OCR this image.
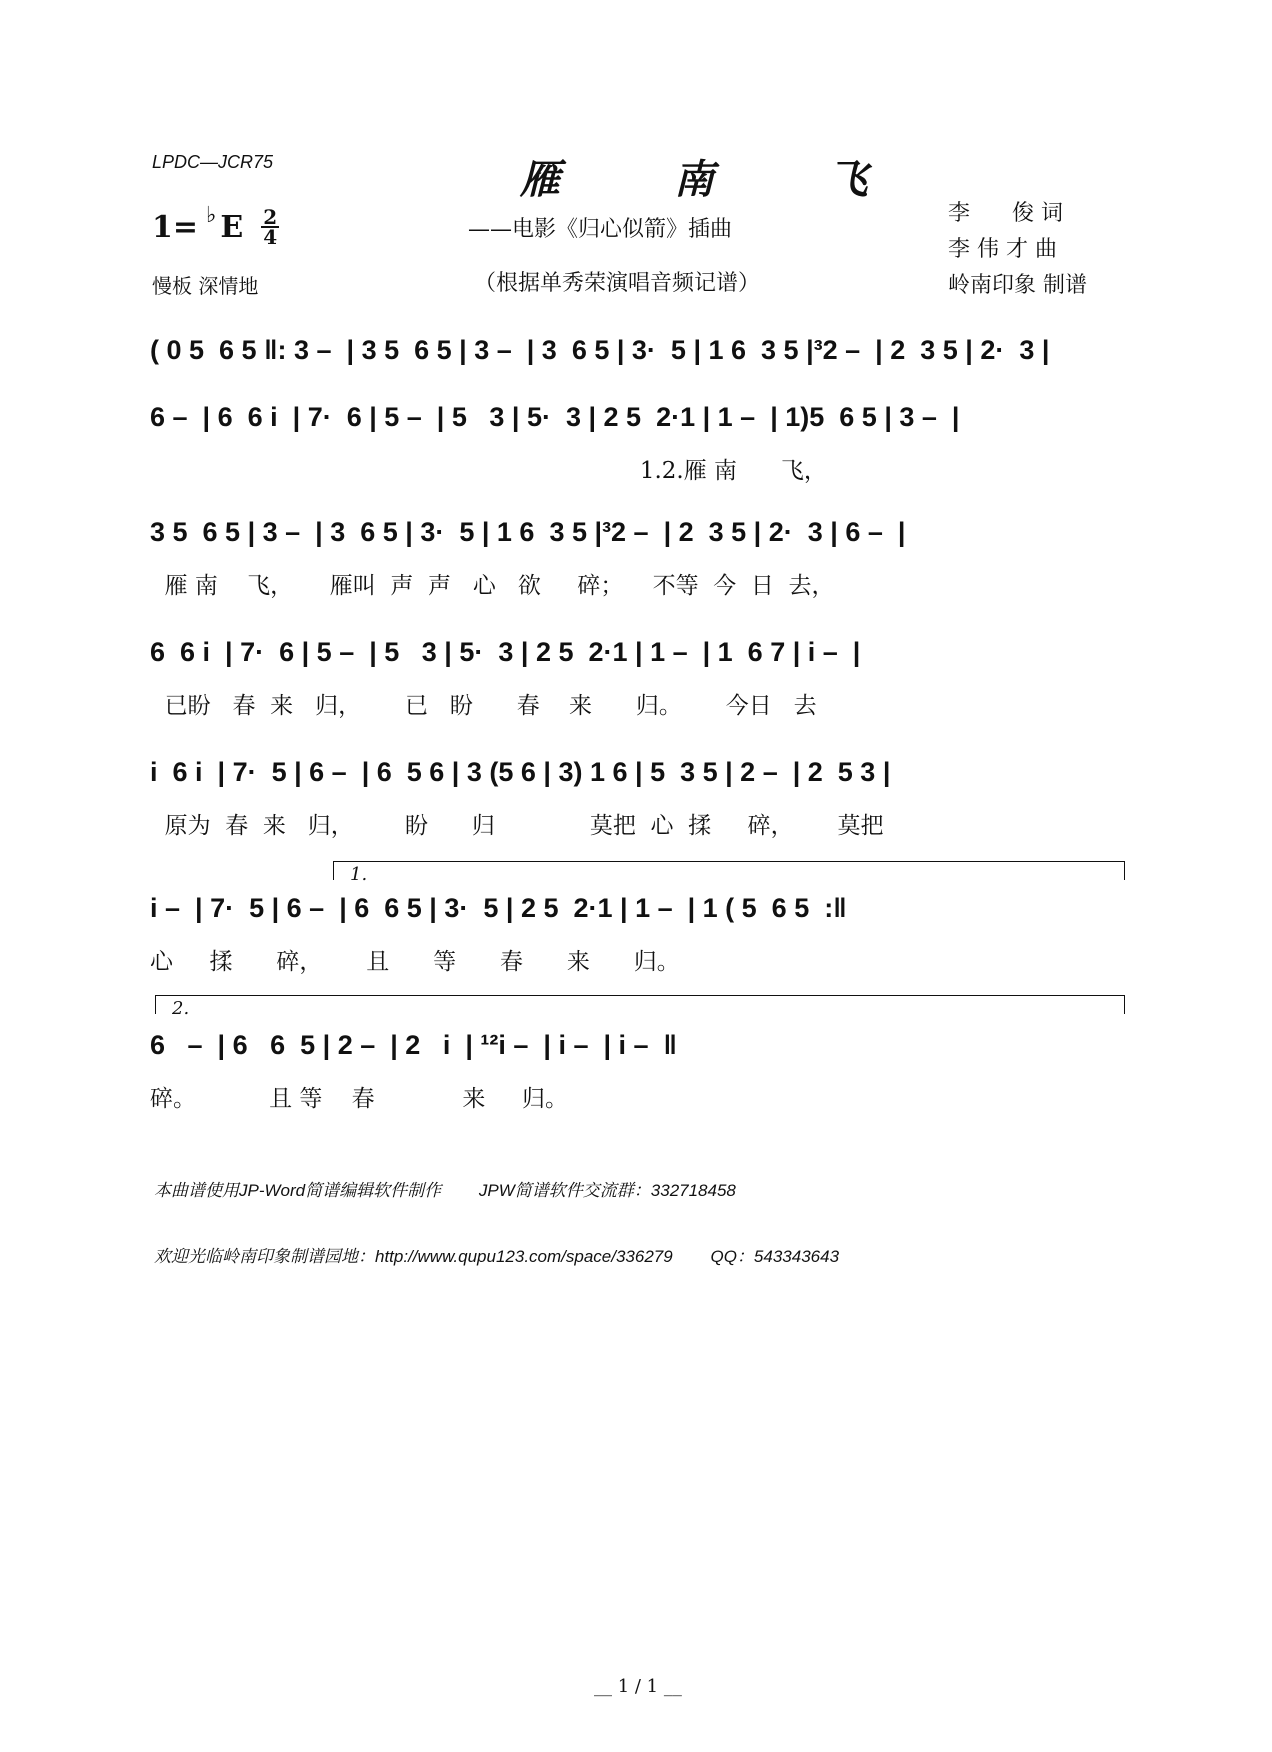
LPDC—JCR75	雁 南 飞
1= ♭ E $\frac{2}{4}$
慢板 深情地
——电影《归心似箭》插曲
（根据单秀荣演唱音频记谱）
李      俊 词
李 伟 才 曲
岭南印象 制谱
( 0 5  6 5 ‖: 3 –  | 3 5  6 5 | 3 –  | 3  6 5 | 3·  5 | 1 6  3 5 |³2 –  | 2  3 5 | 2·  3 |
6 –  | 6  6 i  | 7·  6 | 5 –  | 5   3 | 5·  3 | 2 5  2·1 | 1 –  | 1)5  6 5 | 3 –  |
1.2.雁 南      飞，
3 5  6 5 | 3 –  | 3  6 5 | 3·  5 | 1 6  3 5 |³2 –  | 2  3 5 | 2·  3 | 6 –  |
雁 南    飞，     雁叫  声  声   心   欲     碎；    不等  今  日  去，
6  6 i  | 7·  6 | 5 –  | 5   3 | 5·  3 | 2 5  2·1 | 1 –  | 1  6 7 | i –  |
已盼   春  来   归，      已   盼      春    来      归。      今日   去
i  6 i  | 7·  5 | 6 –  | 6  5 6 | 3 (5 6 | 3) 1 6 | 5  3 5 | 2 –  | 2  5 3 |
原为  春  来   归，       盼      归             莫把  心  揉     碎，      莫把
1.
i –  | 7·  5 | 6 –  | 6  6 5 | 3·  5 | 2 5  2·1 | 1 –  | 1 ( 5  6 5  :‖
心     揉      碎，      且      等      春      来      归。
2.
6   –  | 6   6  5 | 2 –  | 2   i  | ¹²i –  | i –  | i –  ‖
碎。          且 等    春            来     归。

本曲谱使用JP-Word简谱编辑软件制作        JPW简谱软件交流群：332718458

欢迎光临岭南印象制谱园地：http://www.qupu123.com/space/336279        QQ：543343643

__ 1 / 1 __
